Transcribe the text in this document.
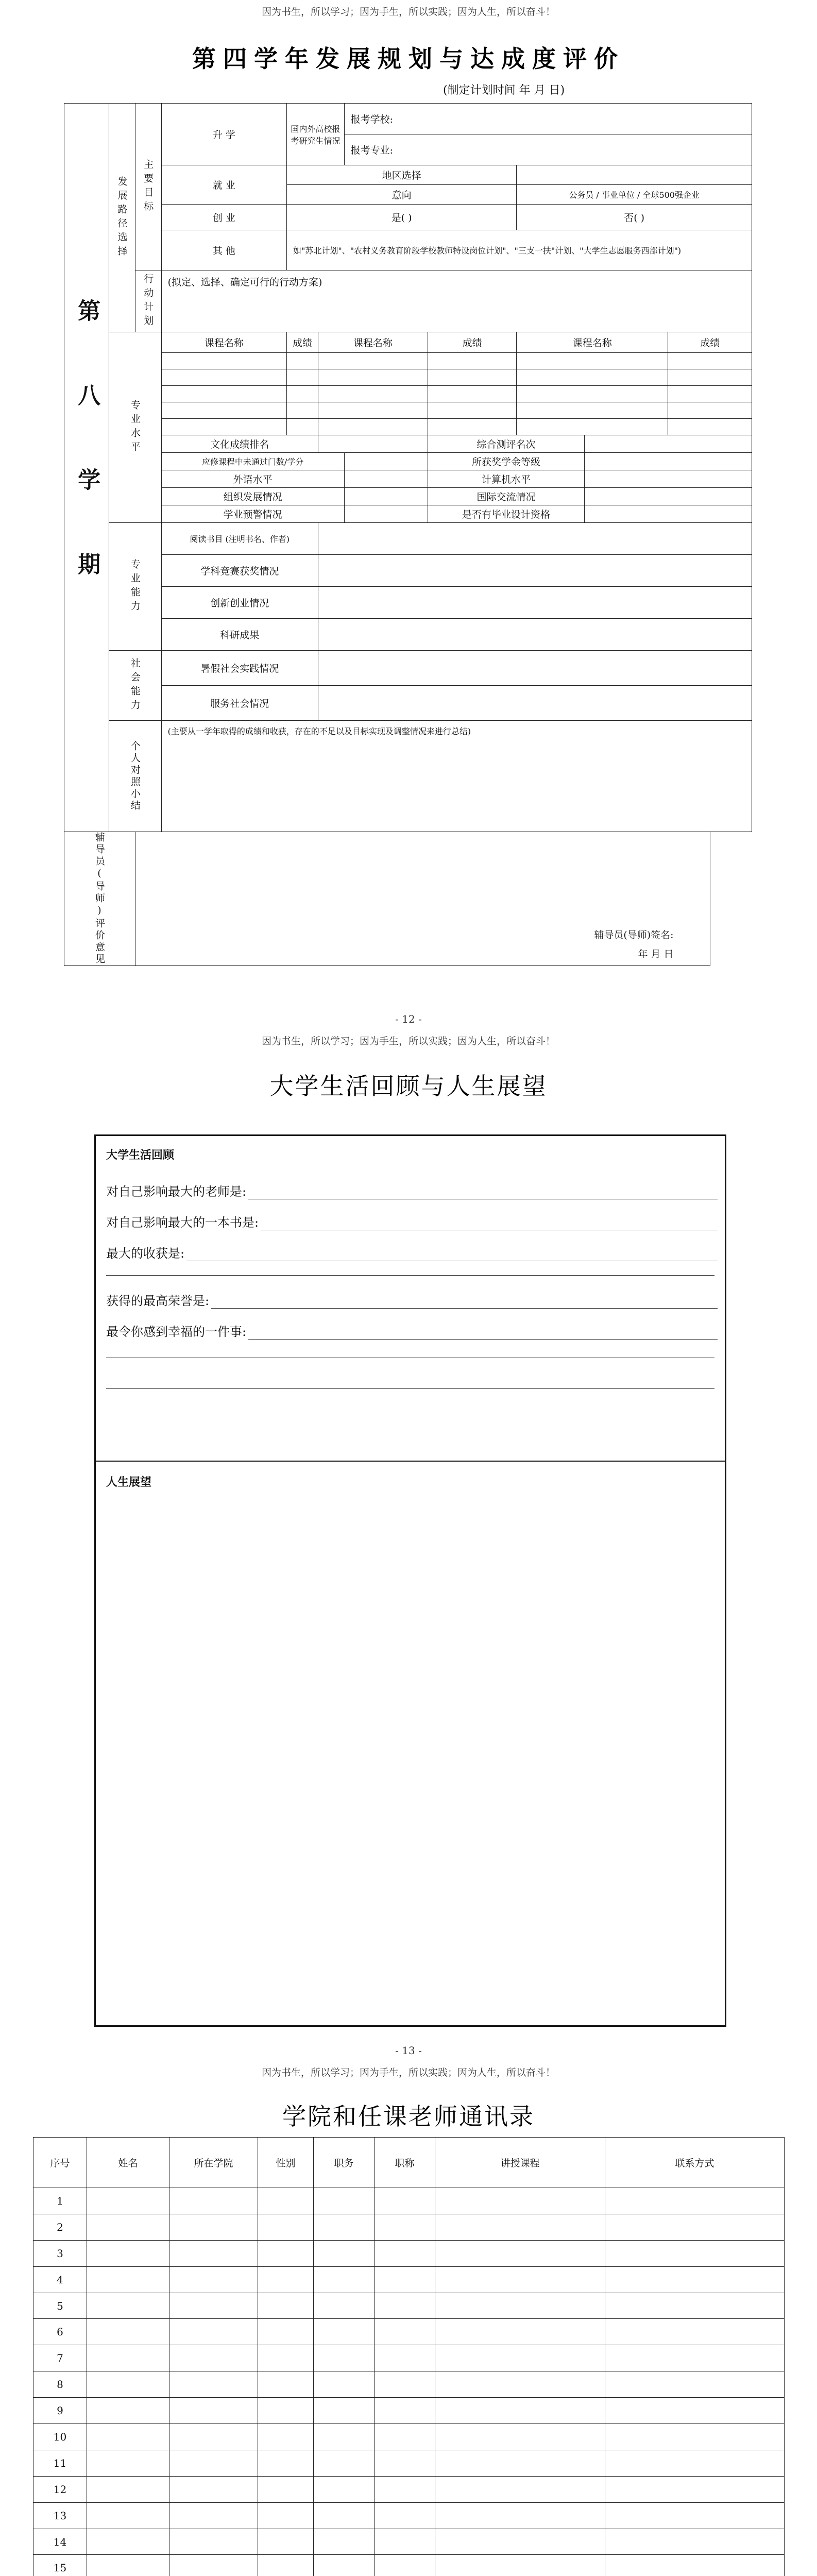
因为书生，所以学习；因为手生，所以实践；因为人生，所以奋斗！
第四学年发展规划与达成度评价
(制定计划时间 年 月 日)
第八学期	发展路径选择	主要目标	升 学	国内外高校报考研究生情况		报考学校:				
						报考专业:				
			就 业	地区选择						
				意向				公务员 / 事业单位 / 全球500强企业		
			创 业	是( )				否( )		
			其 他	如"苏北计划"、"农村义务教育阶段学校教师特设岗位计划"、"三支一扶"计划、"大学生志愿服务西部计划")						

		行动计划	(拟定、选择、确定可行的行动方案)							

	专业水平		课程名称	成绩	课程名称		成绩	课程名称		成绩

			文化成绩排名				综合测评名次			
			应修课程中未通过门数/学分				所获奖学金等级			
			外语水平				计算机水平			
			组织发展情况				国际交流情况			
			学业预警情况				是否有毕业设计资格			

	专业能力		阅读书目 (注明书名、作者)							
			学科竞赛获奖情况							
			创新创业情况							
			科研成果							

	社会能力		暑假社会实践情况							
			服务社会情况							

	个人对照小结		(主要从一学年取得的成绩和收获，存在的不足以及目标实现及调整情况来进行总结)							

辅导员(导师)评价意见		辅导员(导师)签名:
年 月 日								
- 12 -
因为书生，所以学习；因为手生，所以实践；因为人生，所以奋斗！
大学生活回顾与人生展望
大学生活回顾
对自己影响最大的老师是:
对自己影响最大的一本书是:
最大的收获是:
获得的最高荣誉是:
最令你感到幸福的一件事:
人生展望
- 13 -
因为书生，所以学习；因为手生，所以实践；因为人生，所以奋斗！
学院和任课老师通讯录
序号	姓名	所在学院	性别	职务	职称	讲授课程	联系方式
1							
2							
3							
4							
5							
6							
7							
8							
9							
10							
11							
12							
13							
14							
15							
